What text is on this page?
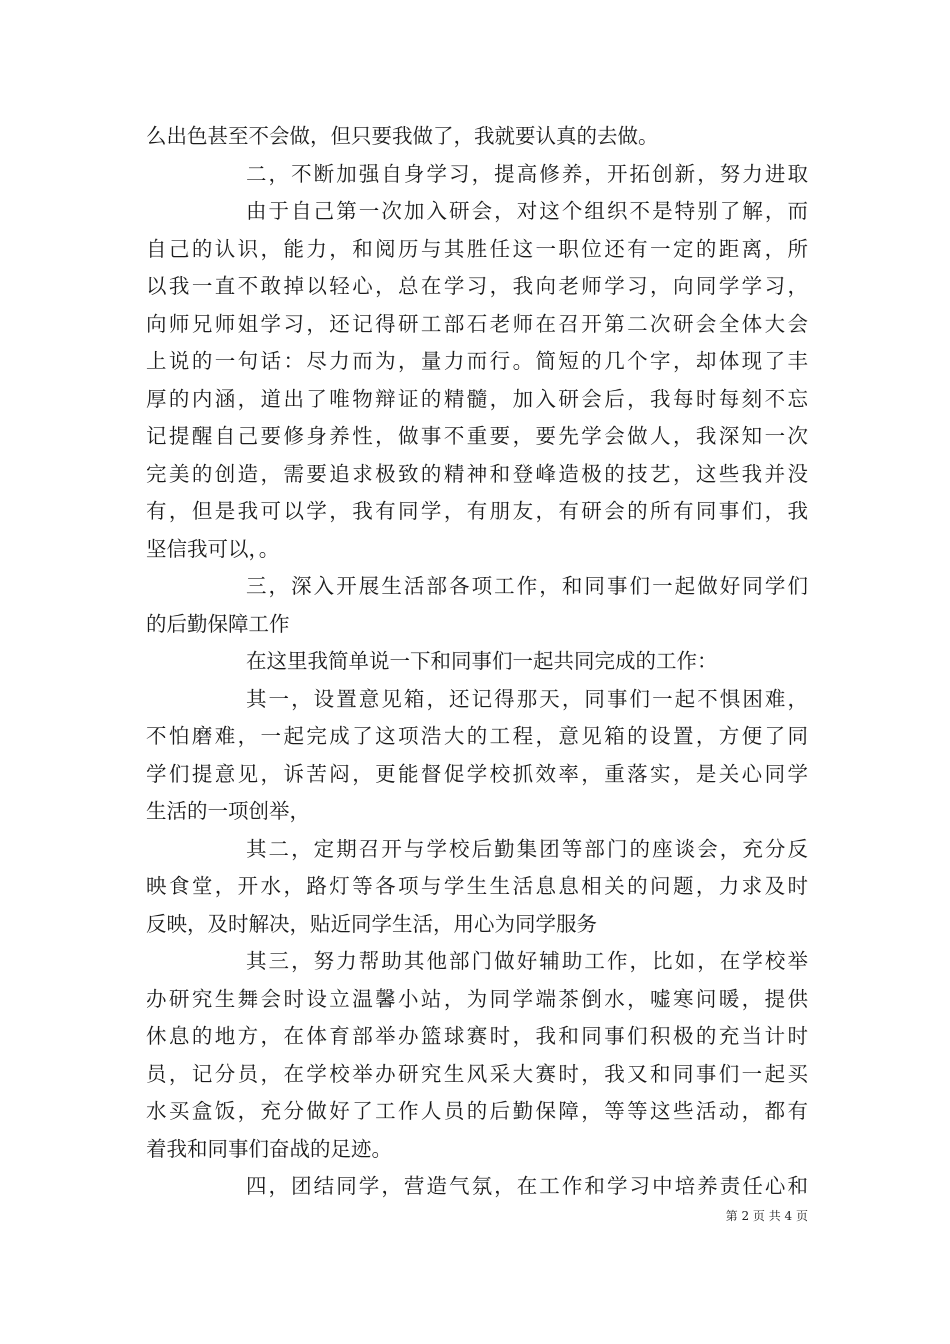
么出色甚至不会做，但只要我做了，我就要认真的去做。
二，不断加强自身学习，提高修养，开拓创新，努力进取
由于自己第一次加入研会，对这个组织不是特别了解，而
自己的认识，能力，和阅历与其胜任这一职位还有一定的距离，所
以我一直不敢掉以轻心，总在学习，我向老师学习，向同学学习，
向师兄师姐学习，还记得研工部石老师在召开第二次研会全体大会
上说的一句话：尽力而为，量力而行。简短的几个字，却体现了丰
厚的内涵，道出了唯物辩证的精髓，加入研会后，我每时每刻不忘
记提醒自己要修身养性，做事不重要，要先学会做人，我深知一次
完美的创造，需要追求极致的精神和登峰造极的技艺，这些我并没
有，但是我可以学，我有同学，有朋友，有研会的所有同事们，我
坚信我可以，。
三，深入开展生活部各项工作，和同事们一起做好同学们
的后勤保障工作
在这里我简单说一下和同事们一起共同完成的工作：
其一，设置意见箱，还记得那天，同事们一起不惧困难，
不怕磨难，一起完成了这项浩大的工程，意见箱的设置，方便了同
学们提意见，诉苦闷，更能督促学校抓效率，重落实，是关心同学
生活的一项创举，
其二，定期召开与学校后勤集团等部门的座谈会，充分反
映食堂，开水，路灯等各项与学生生活息息相关的问题，力求及时
反映，及时解决，贴近同学生活，用心为同学服务
其三，努力帮助其他部门做好辅助工作，比如，在学校举
办研究生舞会时设立温馨小站，为同学端茶倒水，嘘寒问暖，提供
休息的地方，在体育部举办篮球赛时，我和同事们积极的充当计时
员，记分员，在学校举办研究生风采大赛时，我又和同事们一起买
水买盒饭，充分做好了工作人员的后勤保障，等等这些活动，都有
着我和同事们奋战的足迹。
四，团结同学，营造气氛，在工作和学习中培养责任心和
第 2 页 共 4 页
